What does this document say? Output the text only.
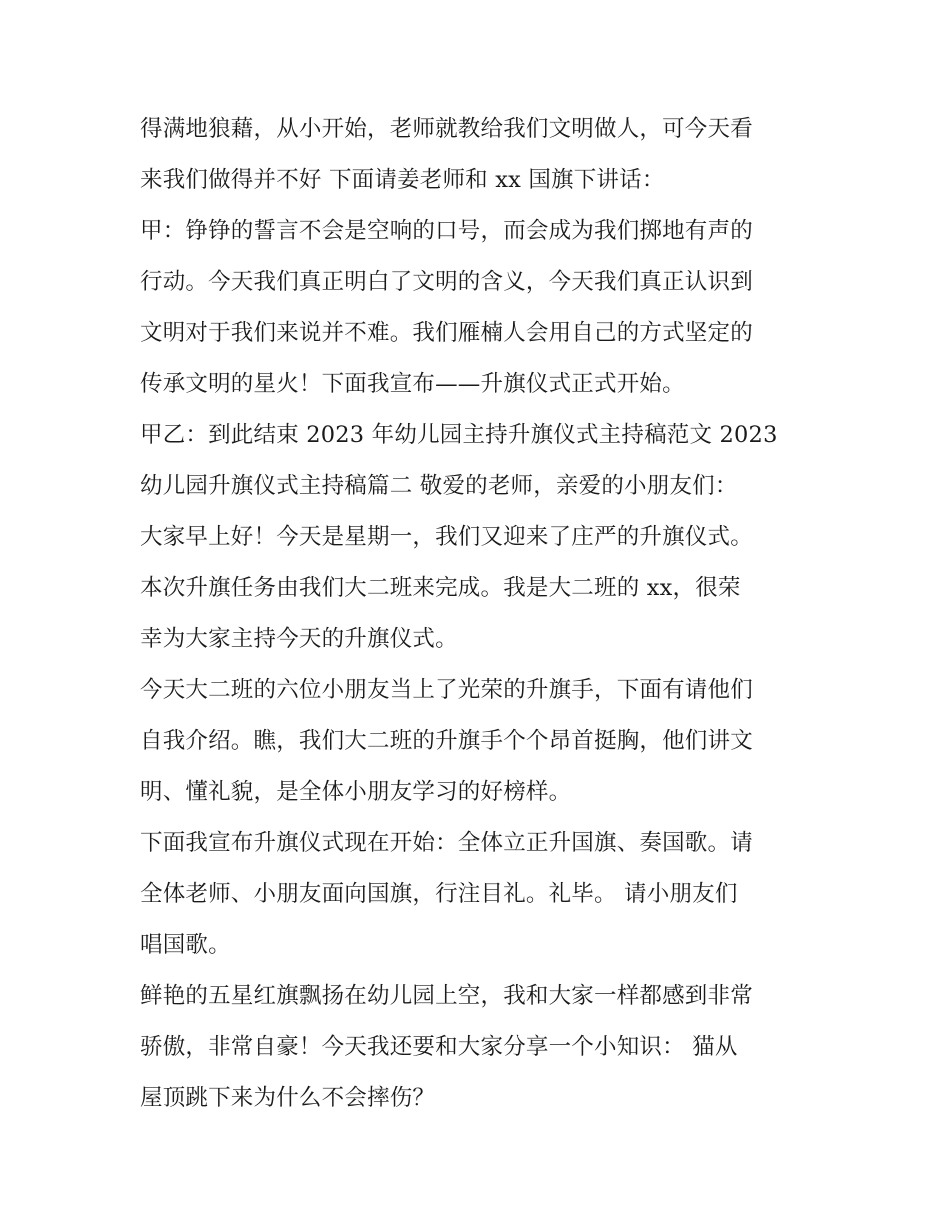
得满地狼藉，从小开始，老师就教给我们文明做人，可今天看
来我们做得并不好 下面请姜老师和 xx 国旗下讲话：
甲：铮铮的誓言不会是空响的口号，而会成为我们掷地有声的
行动。今天我们真正明白了文明的含义，今天我们真正认识到
文明对于我们来说并不难。我们雁楠人会用自己的方式坚定的
传承文明的星火！下面我宣布——升旗仪式正式开始。
甲乙：到此结束 2023 年幼儿园主持升旗仪式主持稿范文 2023
幼儿园升旗仪式主持稿篇二 敬爱的老师，亲爱的小朋友们：
大家早上好！今天是星期一，我们又迎来了庄严的升旗仪式。
本次升旗任务由我们大二班来完成。我是大二班的 xx，很荣
幸为大家主持今天的升旗仪式。
今天大二班的六位小朋友当上了光荣的升旗手，下面有请他们
自我介绍。瞧，我们大二班的升旗手个个昂首挺胸，他们讲文
明、懂礼貌，是全体小朋友学习的好榜样。
下面我宣布升旗仪式现在开始：全体立正升国旗、奏国歌。请
全体老师、小朋友面向国旗，行注目礼。礼毕。 请小朋友们
唱国歌。
鲜艳的五星红旗飘扬在幼儿园上空，我和大家一样都感到非常
骄傲，非常自豪！今天我还要和大家分享一个小知识： 猫从
屋顶跳下来为什么不会摔伤？
